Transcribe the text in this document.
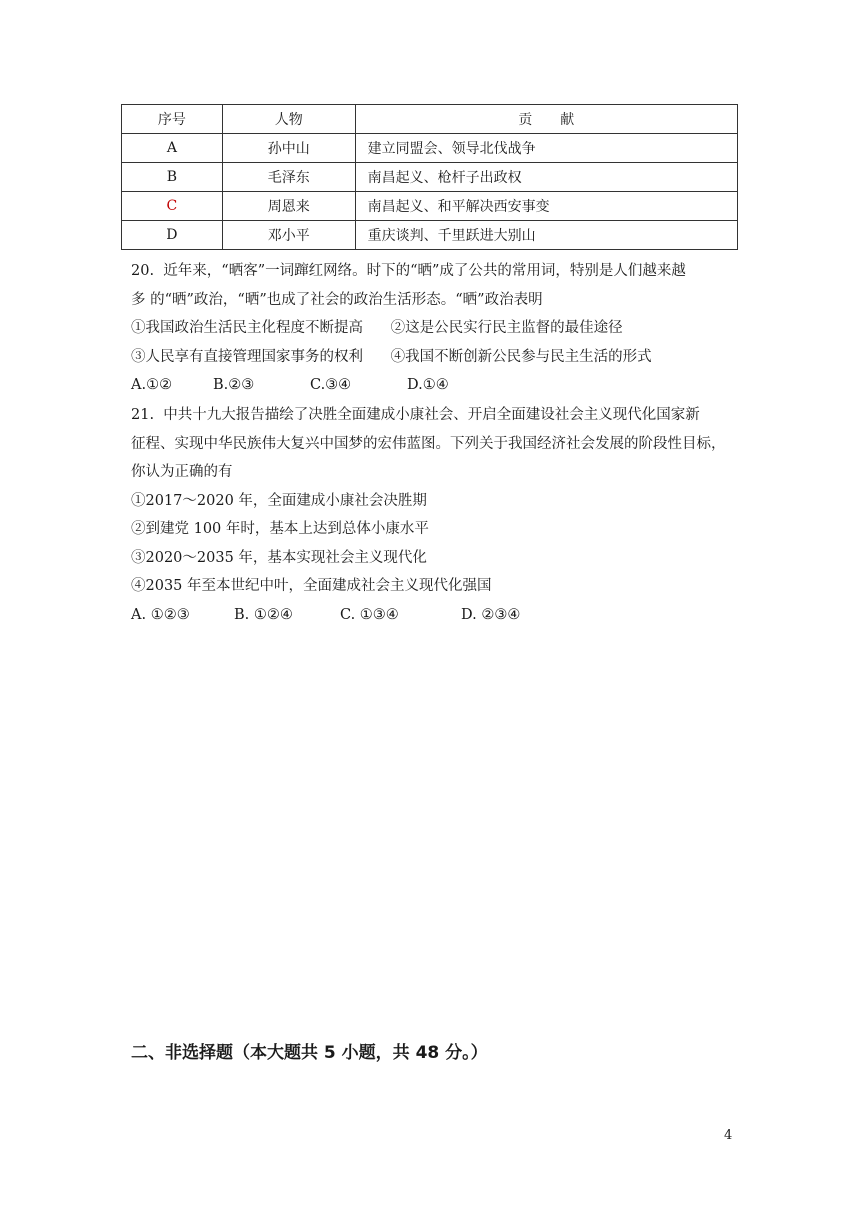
序号	人物	贡　　献
A	孙中山	建立同盟会、领导北伐战争
B	毛泽东	南昌起义、枪杆子出政权
C	周恩来	南昌起义、和平解决西安事变
D	邓小平	重庆谈判、千里跃进大别山

20.  近年来，“晒客”一词蹿红网络。时下的“晒”成了公共的常用词，特别是人们越来越

多 的“晒”政治，“晒”也成了社会的政治生活形态。“晒”政治表明

①我国政治生活民主化程度不断提高      ②这是公民实行民主监督的最佳途径

③人民享有直接管理国家事务的权利      ④我国不断创新公民参与民主生活的形式

A.①②	B.②③	C.③④	D.①④

21.  中共十九大报告描绘了决胜全面建成小康社会、开启全面建设社会主义现代化国家新

征程、实现中华民族伟大复兴中国梦的宏伟蓝图。下列关于我国经济社会发展的阶段性目标，

你认为正确的有

①2017～2020 年，全面建成小康社会决胜期

②到建党 100 年时，基本上达到总体小康水平

③2020～2035 年，基本实现社会主义现代化

④2035 年至本世纪中叶，全面建成社会主义现代化强国

A. ①②③	B. ①②④	C. ①③④	D. ②③④

二、非选择题（本大题共 5 小题，共 48 分。）
4
